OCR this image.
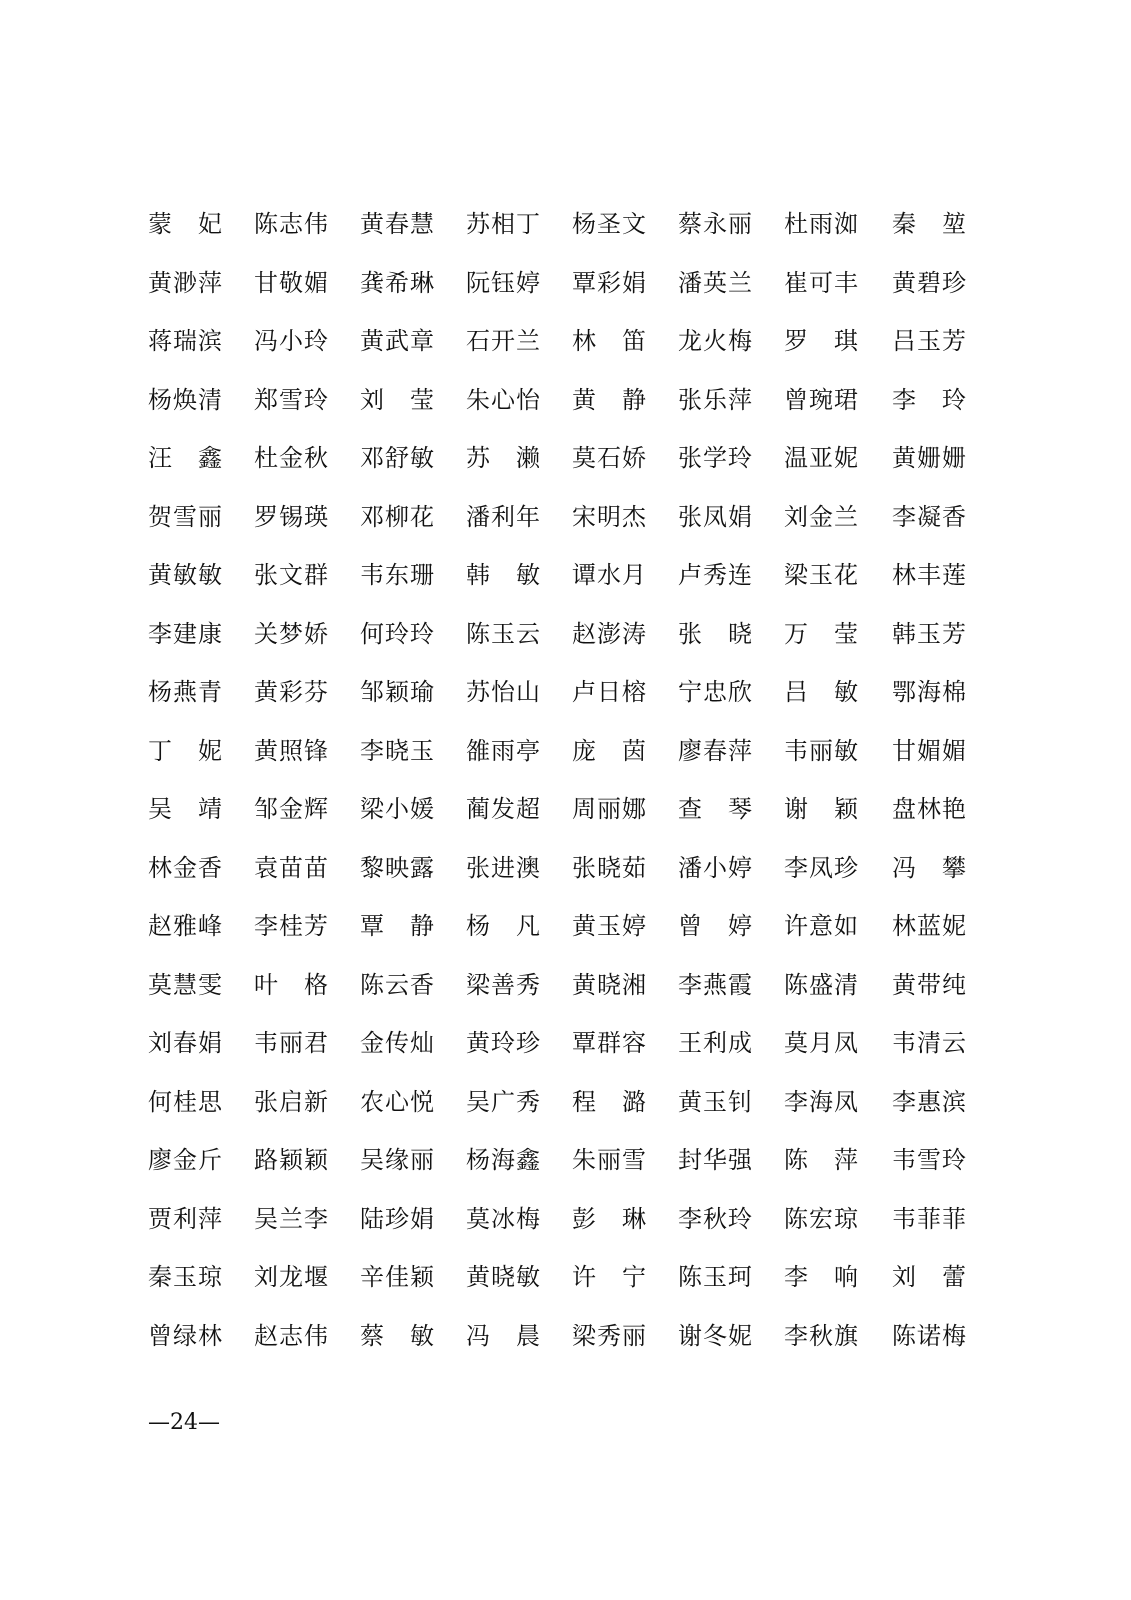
蒙　妃 陈志伟 黄春慧 苏相丁 杨圣文 蔡永丽 杜雨洳 秦　堃
黄渺萍 甘敬媚 龚希琳 阮钰婷 覃彩娟 潘英兰 崔可丰 黄碧珍
蒋瑞滨 冯小玲 黄武章 石开兰 林　笛 龙火梅 罗　琪 吕玉芳
杨焕清 郑雪玲 刘　莹 朱心怡 黄　静 张乐萍 曾琬珺 李　玲
汪　鑫 杜金秋 邓舒敏 苏　濑 莫石娇 张学玲 温亚妮 黄姗姗
贺雪丽 罗锡瑛 邓柳花 潘利年 宋明杰 张凤娟 刘金兰 李凝香
黄敏敏 张文群 韦东珊 韩　敏 谭水月 卢秀连 梁玉花 林丰莲
李建康 关梦娇 何玲玲 陈玉云 赵澎涛 张　晓 万　莹 韩玉芳
杨燕青 黄彩芬 邹颖瑜 苏怡山 卢日榕 宁忠欣 吕　敏 鄂海棉
丁　妮 黄照锋 李晓玉 雒雨亭 庞　茵 廖春萍 韦丽敏 甘媚媚
吴　靖 邹金辉 梁小媛 蔺发超 周丽娜 查　琴 谢　颖 盘林艳
林金香 袁苗苗 黎映露 张进澳 张晓茹 潘小婷 李凤珍 冯　攀
赵雅峰 李桂芳 覃　静 杨　凡 黄玉婷 曾　婷 许意如 林蓝妮
莫慧雯 叶　格 陈云香 梁善秀 黄晓湘 李燕霞 陈盛清 黄带纯
刘春娟 韦丽君 金传灿 黄玲珍 覃群容 王利成 莫月凤 韦清云
何桂思 张启新 农心悦 吴广秀 程　潞 黄玉钊 李海凤 李惠滨
廖金斤 路颖颖 吴缘丽 杨海鑫 朱丽雪 封华强 陈　萍 韦雪玲
贾利萍 吴兰李 陆珍娟 莫冰梅 彭　琳 李秋玲 陈宏琼 韦菲菲
秦玉琼 刘龙堰 辛佳颖 黄晓敏 许　宁 陈玉珂 李　响 刘　蕾
曾绿林 赵志伟 蔡　敏 冯　晨 梁秀丽 谢冬妮 李秋旗 陈诺梅
—24—
